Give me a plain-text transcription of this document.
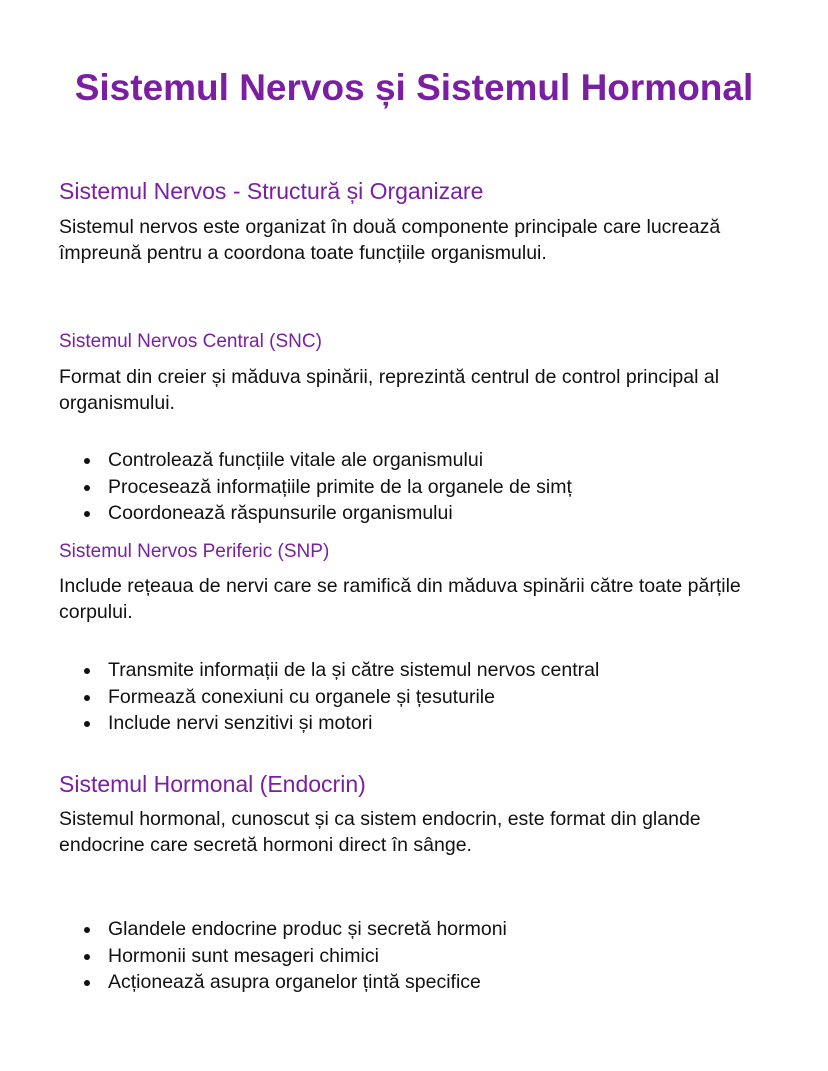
Sistemul Nervos și Sistemul Hormonal
Sistemul Nervos - Structură și Organizare

Sistemul nervos este organizat în două componente principale care lucrează împreună pentru a coordona toate funcțiile organismului.

Sistemul Nervos Central (SNC)

Format din creier și măduva spinării, reprezintă centrul de control principal al organismului.

Controlează funcțiile vitale ale organismului
Procesează informațiile primite de la organele de simț
Coordonează răspunsurile organismului
Sistemul Nervos Periferic (SNP)

Include rețeaua de nervi care se ramifică din măduva spinării către toate părțile corpului.

Transmite informații de la și către sistemul nervos central
Formează conexiuni cu organele și țesuturile
Include nervi senzitivi și motori
Sistemul Hormonal (Endocrin)

Sistemul hormonal, cunoscut și ca sistem endocrin, este format din glande endocrine care secretă hormoni direct în sânge.

Glandele endocrine produc și secretă hormoni
Hormonii sunt mesageri chimici
Acționează asupra organelor țintă specifice
